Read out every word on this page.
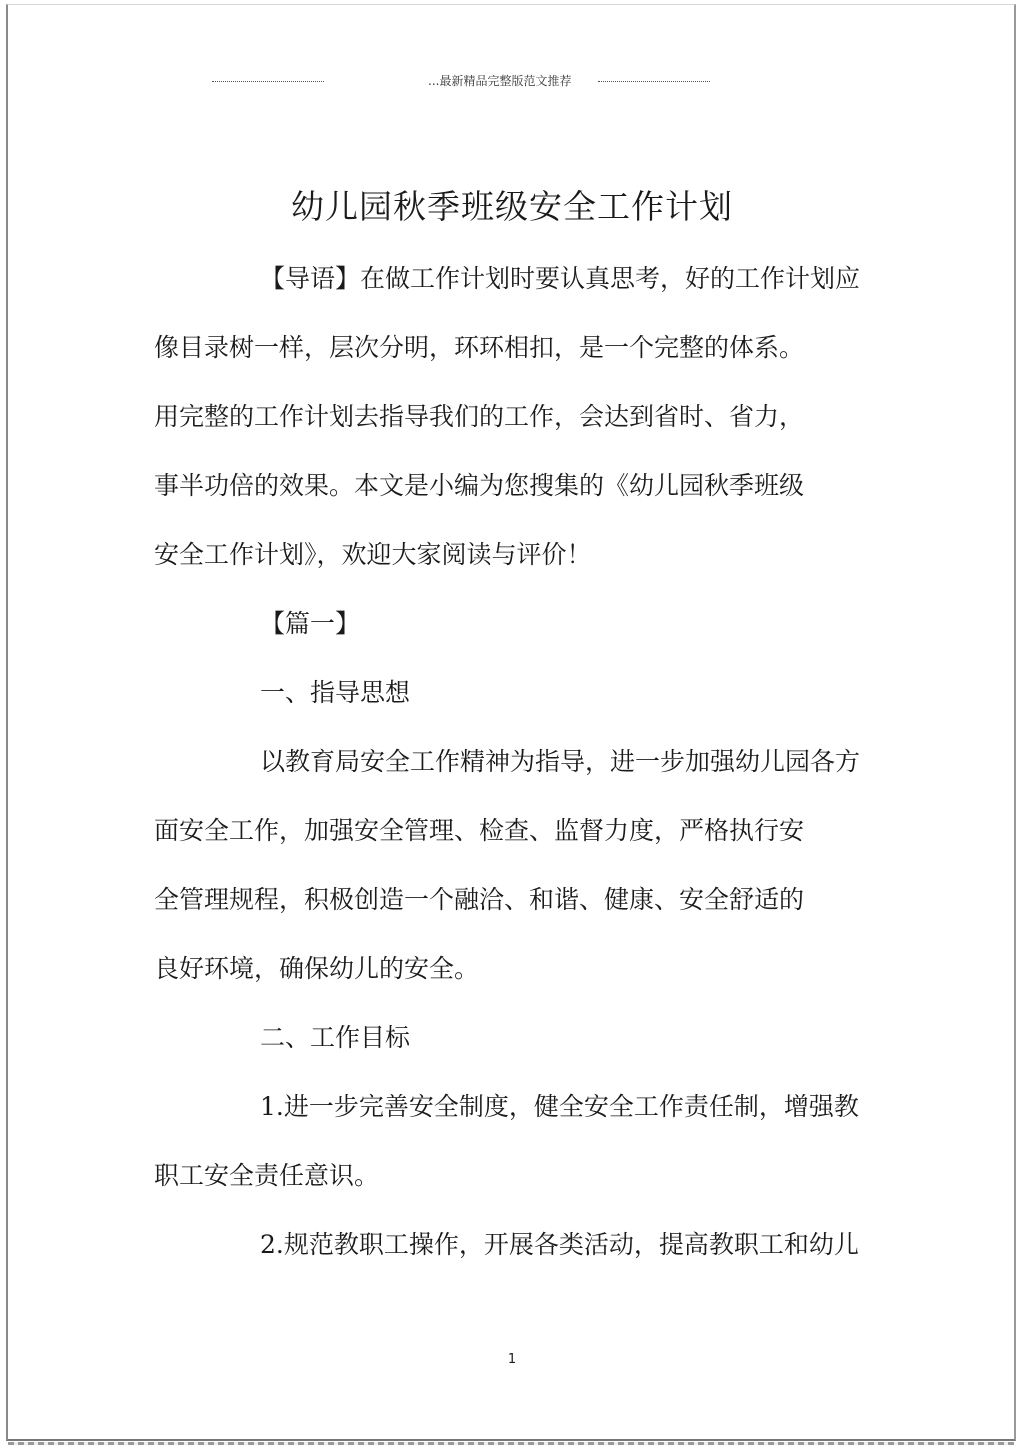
...最新精品完整版范文推荐
幼儿园秋季班级安全工作计划
【导语】在做工作计划时要认真思考，好的工作计划应
像目录树一样，层次分明，环环相扣，是一个完整的体系。
用完整的工作计划去指导我们的工作，会达到省时、省力，
事半功倍的效果。本文是小编为您搜集的《幼儿园秋季班级
安全工作计划》，欢迎大家阅读与评价！
【篇一】
一、指导思想
以教育局安全工作精神为指导，进一步加强幼儿园各方
面安全工作，加强安全管理、检查、监督力度，严格执行安
全管理规程，积极创造一个融洽、和谐、健康、安全舒适的
良好环境，确保幼儿的安全。
二、工作目标
1.进一步完善安全制度，健全安全工作责任制，增强教
职工安全责任意识。
2.规范教职工操作，开展各类活动，提高教职工和幼儿
1
